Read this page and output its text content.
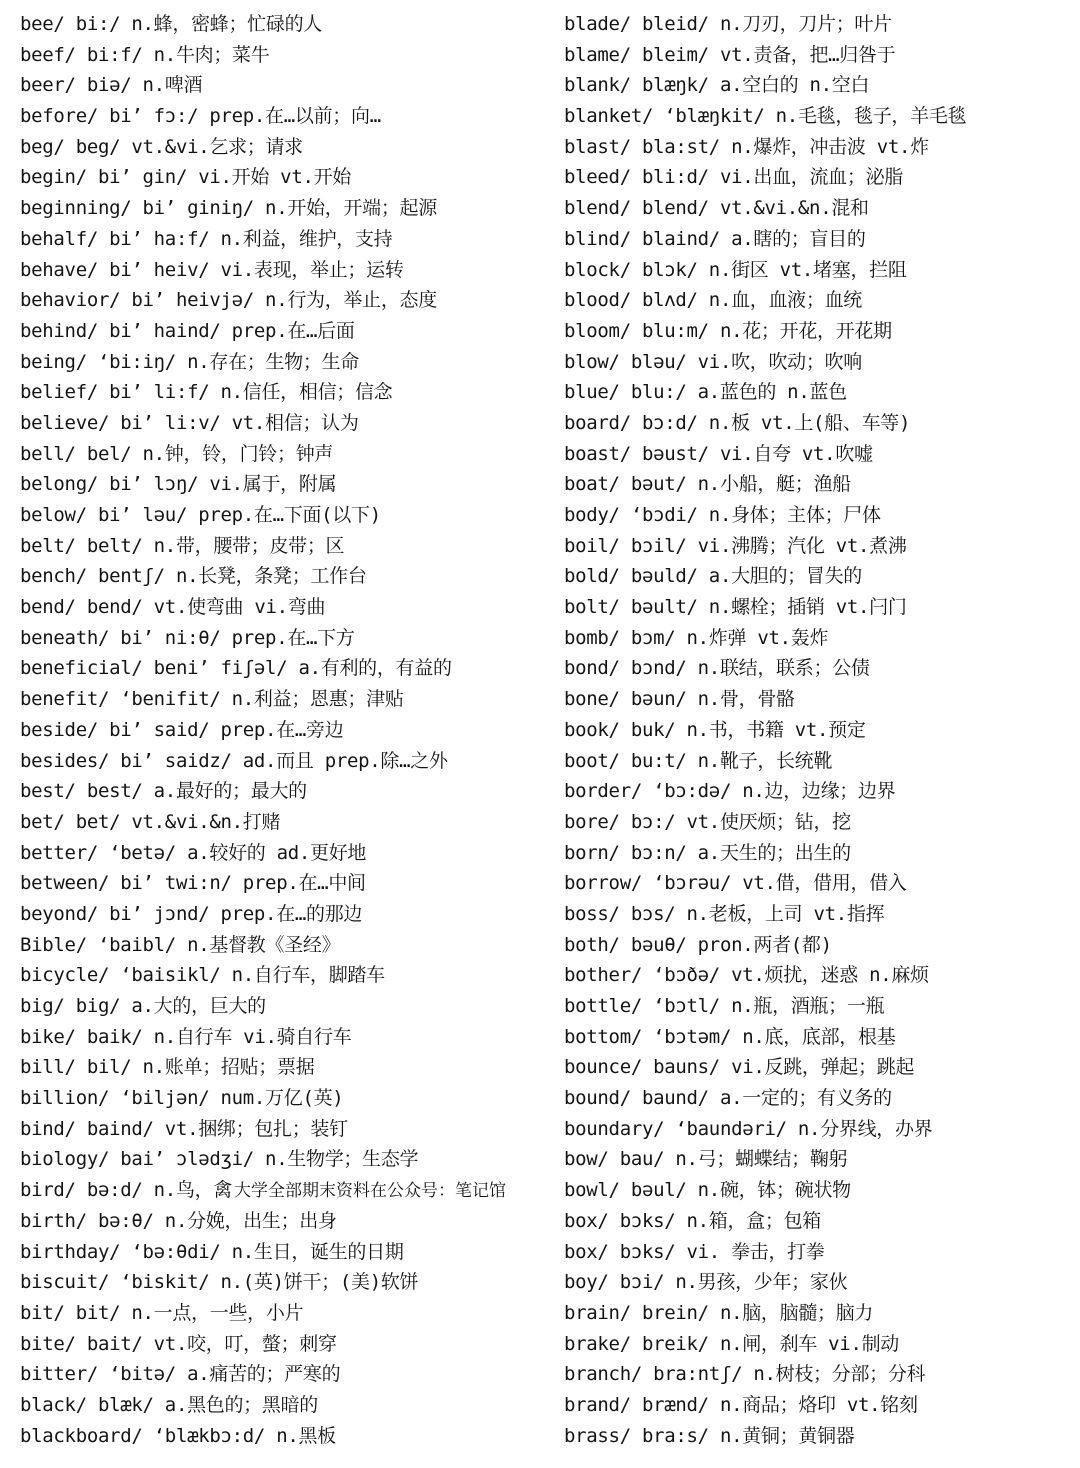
bee/ bi:/ n.蜂，密蜂；忙碌的人
beef/ bi:f/ n.牛肉；菜牛
beer/ biə/ n.啤酒
before/ bi’ fɔ:/ prep.在…以前；向…
beg/ beg/ vt.&vi.乞求；请求
begin/ bi’ gin/ vi.开始 vt.开始
beginning/ bi’ giniŋ/ n.开始，开端；起源
behalf/ bi’ ha:f/ n.利益，维护，支持
behave/ bi’ heiv/ vi.表现，举止；运转
behavior/ bi’ heivjə/ n.行为，举止，态度
behind/ bi’ haind/ prep.在…后面
being/ ‘bi:iŋ/ n.存在；生物；生命
belief/ bi’ li:f/ n.信任，相信；信念
believe/ bi’ li:v/ vt.相信；认为
bell/ bel/ n.钟，铃，门铃；钟声
belong/ bi’ lɔŋ/ vi.属于，附属
below/ bi’ ləu/ prep.在…下面(以下)
belt/ belt/ n.带，腰带；皮带；区
bench/ bentʃ/ n.长凳，条凳；工作台
bend/ bend/ vt.使弯曲 vi.弯曲
beneath/ bi’ ni:θ/ prep.在…下方
beneficial/ beni’ fiʃəl/ a.有利的，有益的
benefit/ ‘benifit/ n.利益；恩惠；津贴
beside/ bi’ said/ prep.在…旁边
besides/ bi’ saidz/ ad.而且 prep.除…之外
best/ best/ a.最好的；最大的
bet/ bet/ vt.&vi.&n.打赌
better/ ‘betə/ a.较好的 ad.更好地
between/ bi’ twi:n/ prep.在…中间
beyond/ bi’ jɔnd/ prep.在…的那边
Bible/ ‘baibl/ n.基督教《圣经》
bicycle/ ‘baisikl/ n.自行车，脚踏车
big/ big/ a.大的，巨大的
bike/ baik/ n.自行车 vi.骑自行车
bill/ bil/ n.账单；招贴；票据
billion/ ‘biljən/ num.万亿(英)
bind/ baind/ vt.捆绑；包扎；装钉
biology/ bai’ ɔlədʒi/ n.生物学；生态学
bird/ bə:d/ n.鸟，禽 大学全部期末资料在公众号：笔记馆
birth/ bə:θ/ n.分娩，出生；出身
birthday/ ‘bə:θdi/ n.生日，诞生的日期
biscuit/ ‘biskit/ n.(英)饼干；(美)软饼
bit/ bit/ n.一点，一些，小片
bite/ bait/ vt.咬，叮，螫；刺穿
bitter/ ‘bitə/ a.痛苦的；严寒的
black/ blæk/ a.黑色的；黑暗的
blackboard/ ‘blækbɔ:d/ n.黑板
blade/ bleid/ n.刀刃，刀片；叶片
blame/ bleim/ vt.责备，把…归咎于
blank/ blæŋk/ a.空白的 n.空白
blanket/ ‘blæŋkit/ n.毛毯，毯子，羊毛毯
blast/ bla:st/ n.爆炸，冲击波 vt.炸
bleed/ bli:d/ vi.出血，流血；泌脂
blend/ blend/ vt.&vi.&n.混和
blind/ blaind/ a.瞎的；盲目的
block/ blɔk/ n.街区 vt.堵塞，拦阻
blood/ blʌd/ n.血，血液；血统
bloom/ blu:m/ n.花；开花，开花期
blow/ bləu/ vi.吹，吹动；吹响
blue/ blu:/ a.蓝色的 n.蓝色
board/ bɔ:d/ n.板 vt.上(船、车等)
boast/ bəust/ vi.自夸 vt.吹嘘
boat/ bəut/ n.小船，艇；渔船
body/ ‘bɔdi/ n.身体；主体；尸体
boil/ bɔil/ vi.沸腾；汽化 vt.煮沸
bold/ bəuld/ a.大胆的；冒失的
bolt/ bəult/ n.螺栓；插销 vt.闩门
bomb/ bɔm/ n.炸弹 vt.轰炸
bond/ bɔnd/ n.联结，联系；公债
bone/ bəun/ n.骨，骨骼
book/ buk/ n.书，书籍 vt.预定
boot/ bu:t/ n.靴子，长统靴
border/ ‘bɔ:də/ n.边，边缘；边界
bore/ bɔ:/ vt.使厌烦；钻，挖
born/ bɔ:n/ a.天生的；出生的
borrow/ ‘bɔrəu/ vt.借，借用，借入
boss/ bɔs/ n.老板，上司 vt.指挥
both/ bəuθ/ pron.两者(都)
bother/ ‘bɔðə/ vt.烦扰，迷惑 n.麻烦
bottle/ ‘bɔtl/ n.瓶，酒瓶；一瓶
bottom/ ‘bɔtəm/ n.底，底部，根基
bounce/ bauns/ vi.反跳，弹起；跳起
bound/ baund/ a.一定的；有义务的
boundary/ ‘baundəri/ n.分界线，办界
bow/ bau/ n.弓；蝴蝶结；鞠躬
bowl/ bəul/ n.碗，钵；碗状物
box/ bɔks/ n.箱，盒；包箱
box/ bɔks/ vi. 拳击，打拳
boy/ bɔi/ n.男孩，少年；家伙
brain/ brein/ n.脑，脑髓；脑力
brake/ breik/ n.闸，刹车 vi.制动
branch/ bra:ntʃ/ n.树枝；分部；分科
brand/ brænd/ n.商品；烙印 vt.铭刻
brass/ bra:s/ n.黄铜；黄铜器
